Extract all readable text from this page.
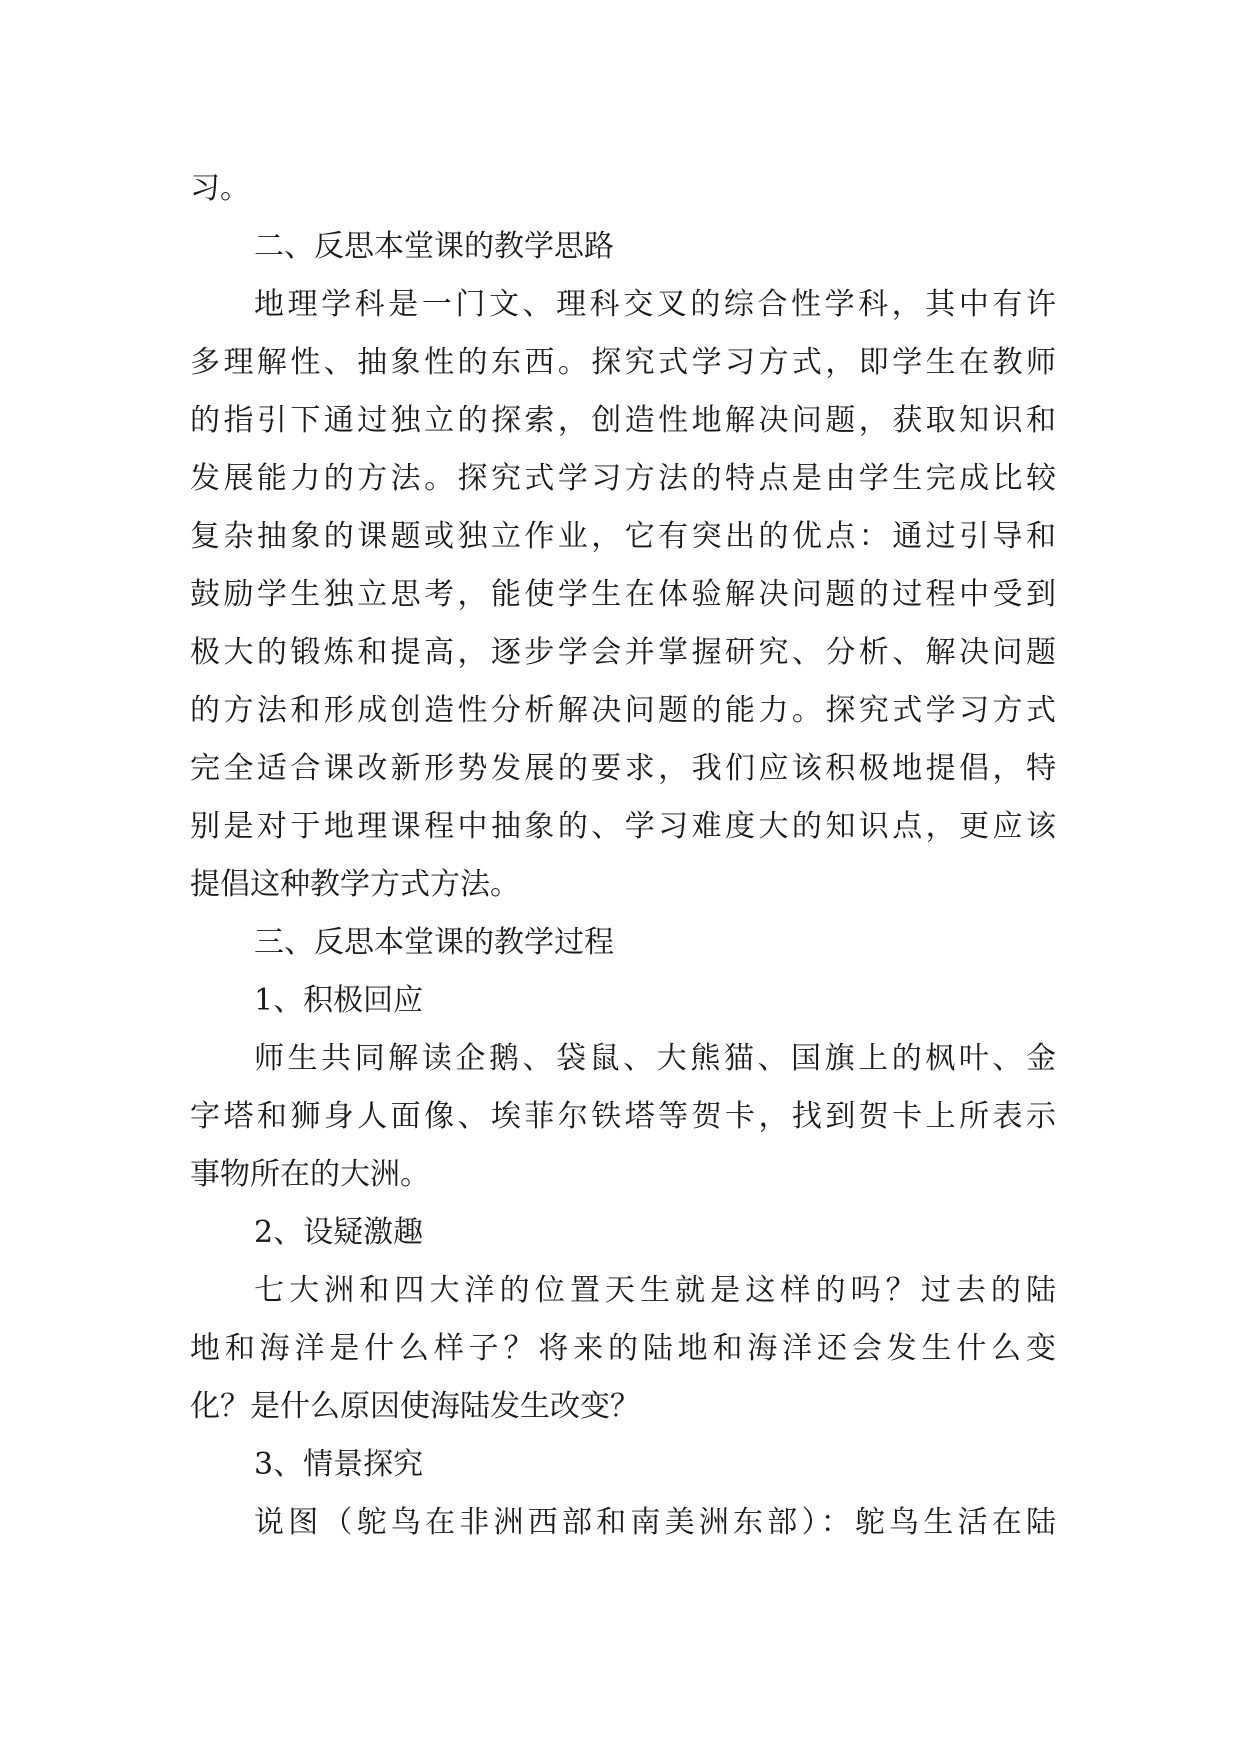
习。
二、反思本堂课的教学思路
地理学科是一门文、理科交叉的综合性学科，其中有许
多理解性、抽象性的东西。探究式学习方式，即学生在教师
的指引下通过独立的探索，创造性地解决问题，获取知识和
发展能力的方法。探究式学习方法的特点是由学生完成比较
复杂抽象的课题或独立作业，它有突出的优点：通过引导和
鼓励学生独立思考，能使学生在体验解决问题的过程中受到
极大的锻炼和提高，逐步学会并掌握研究、分析、解决问题
的方法和形成创造性分析解决问题的能力。探究式学习方式
完全适合课改新形势发展的要求，我们应该积极地提倡，特
别是对于地理课程中抽象的、学习难度大的知识点，更应该
提倡这种教学方式方法。
三、反思本堂课的教学过程
1、积极回应
师生共同解读企鹅、袋鼠、大熊猫、国旗上的枫叶、金
字塔和狮身人面像、埃菲尔铁塔等贺卡，找到贺卡上所表示
事物所在的大洲。
2、设疑激趣
七大洲和四大洋的位置天生就是这样的吗？过去的陆
地和海洋是什么样子？将来的陆地和海洋还会发生什么变
化？是什么原因使海陆发生改变？
3、情景探究
说图（鸵鸟在非洲西部和南美洲东部）：鸵鸟生活在陆
